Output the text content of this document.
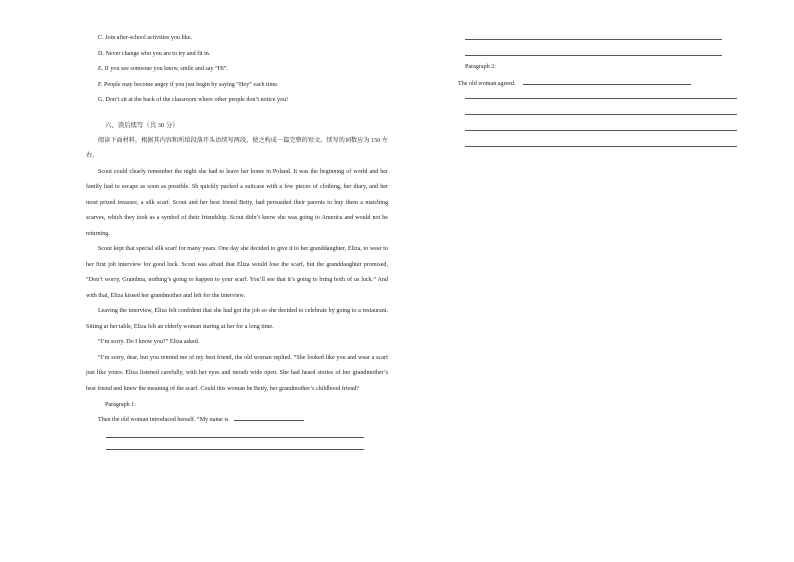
C. Join after-school activities you like.
D. Never change who you are to try and fit in.
E. If you see someone you know, smile and say “Hi”.
F. People may become angry if you just begin by saying “Hey” each time.
G. Don’t sit at the back of the classroom where other people don’t notice you!
六、读后续写（共 30 分）

阅读下面材料，根据其内容和所给段落开头语续写两段，使之构成一篇完整的短文。续写的词数应为 150 左右。

Scout could clearly remember the night she had to leave her home in Poland. It was the beginning of world and her family had to escape as soon as possible. Sh quickly packed a suitcase with a few pieces of clothing, her diary, and her most prized treasure, a silk scarf. Scout and her best friend Betty, had persuaded their parents to buy them a matching scarves, which they took as a symbol of their friendship. Scout didn’t know she was going to America and would not be returning.

Scout kept that special silk scarf for many years. One day she decided to give it to her granddaughter, Eliza, to wear to her first job interview for good luck. Scout was afraid that Eliza would lose the scarf, but the granddaughter promised, “Don’t worry, Grandma, nothing’s going to happen to your scarf. You’ll see that it’s going to bring both of us luck.” And with that, Eliza kissed her grandmother and left for the interview.

Leaving the interview, Eliza felt confident that she had got the job so she decided to celebrate by going to a restaurant. Sitting at her table, Eliza felt an elderly woman staring at her for a long time.

“I’m sorry. Do I know you?” Eliza asked.

“I’m sorry, dear, but you remind me of my best friend, the old woman replied. “She looked like you and wear a scarf just like yours. Eliza listened carefully, with her eyes and mouth wide open. She had heard stories of her grandmother’s best friend and knew the meaning of the scarf. Could this woman be Betty, her grandmother’s childhood friend?

Paragraph 1:
Then the old woman introduced herself. “My name is
Paragraph 2:
The old woman agreed.
